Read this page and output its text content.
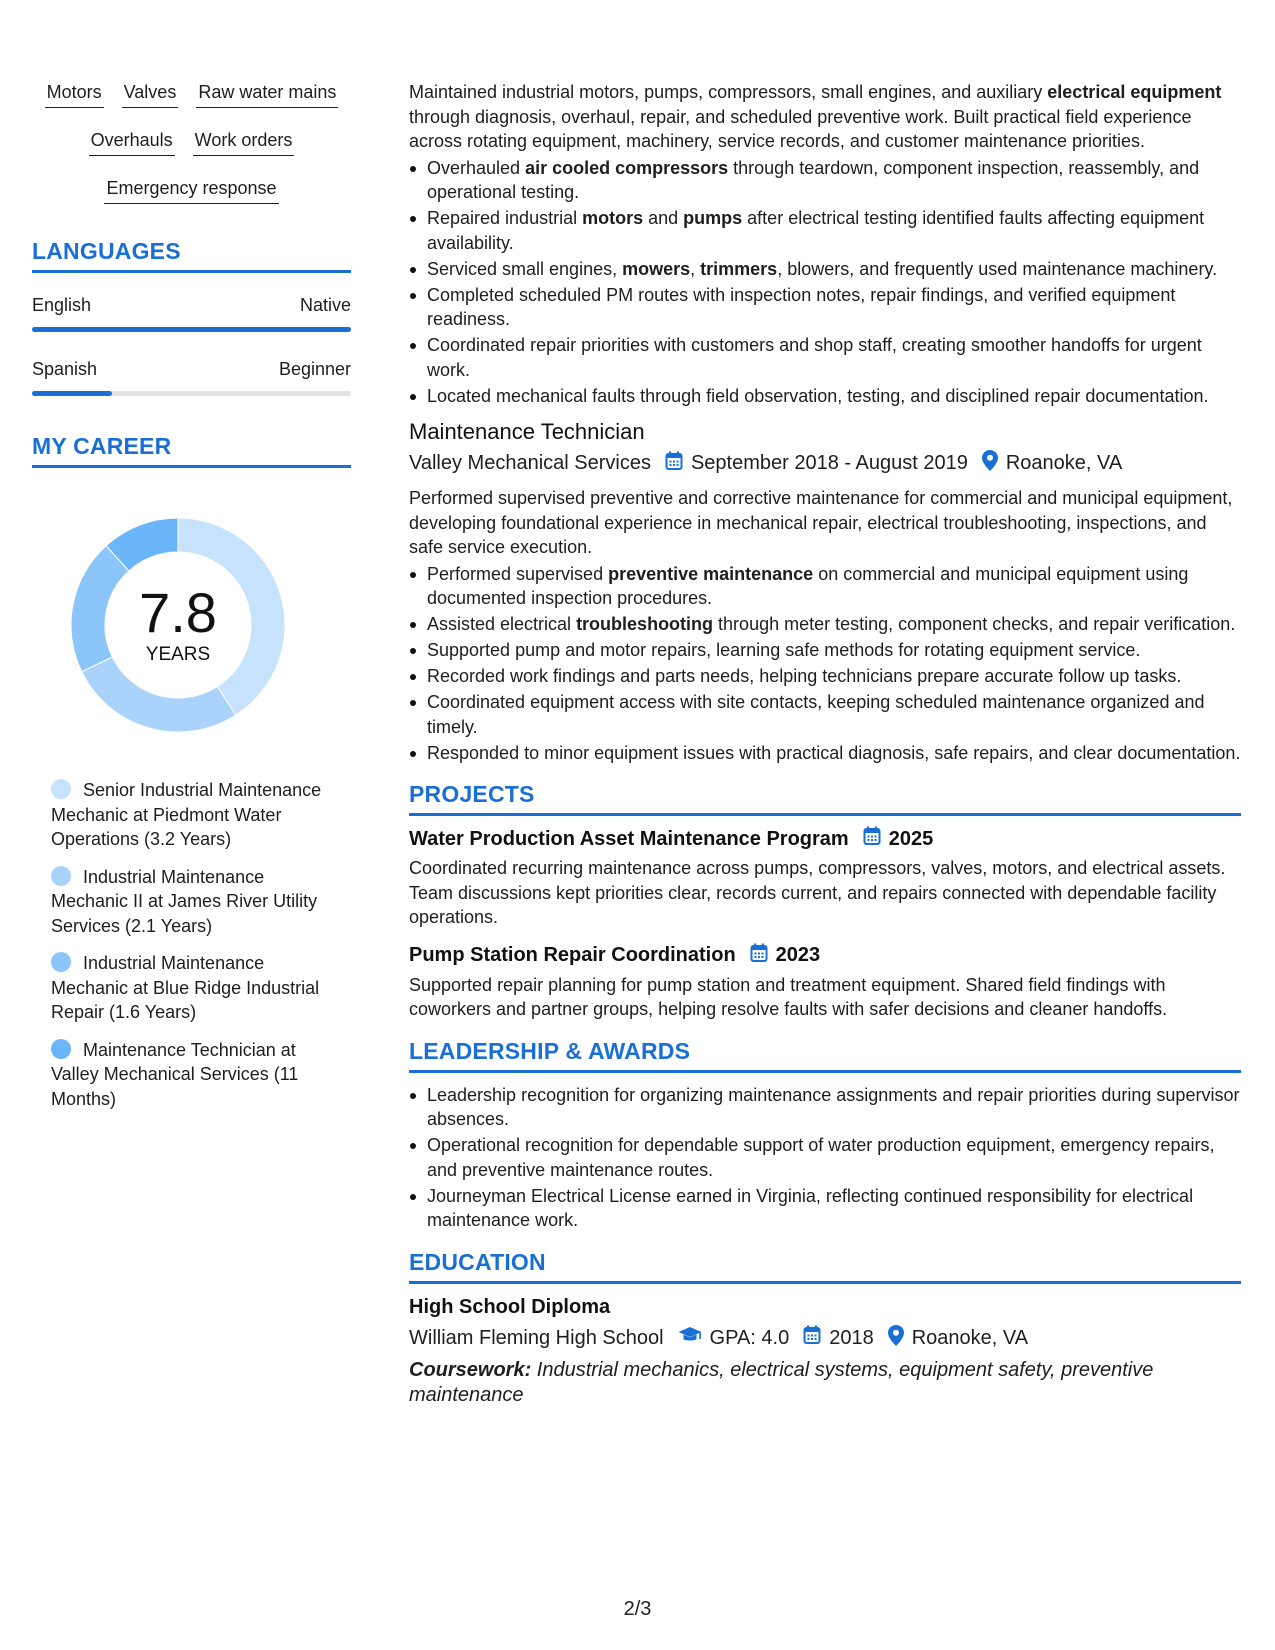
Motors Valves Raw water mains
Overhauls Work orders
Emergency response
LANGUAGES
English	Native
Spanish	Beginner
MY CAREER
7.8
YEARS
Senior Industrial Maintenance Mechanic at Piedmont Water Operations (3.2 Years)
Industrial Maintenance Mechanic II at James River Utility Services (2.1 Years)
Industrial Maintenance Mechanic at Blue Ridge Industrial Repair (1.6 Years)
Maintenance Technician at Valley Mechanical Services (11 Months)
Maintained industrial motors, pumps, compressors, small engines, and auxiliary electrical equipment through diagnosis, overhaul, repair, and scheduled preventive work. Built practical field experience across rotating equipment, machinery, service records, and customer maintenance priorities.
Overhauled air cooled compressors through teardown, component inspection, reassembly, and operational testing.
Repaired industrial motors and pumps after electrical testing identified faults affecting equipment availability.
Serviced small engines, mowers, trimmers, blowers, and frequently used maintenance machinery.
Completed scheduled PM routes with inspection notes, repair findings, and verified equipment readiness.
Coordinated repair priorities with customers and shop staff, creating smoother handoffs for urgent work.
Located mechanical faults through field observation, testing, and disciplined repair documentation.
Maintenance Technician
Valley Mechanical Services September 2018 - August 2019 Roanoke, VA
Performed supervised preventive and corrective maintenance for commercial and municipal equipment, developing foundational experience in mechanical repair, electrical troubleshooting, inspections, and safe service execution.
Performed supervised preventive maintenance on commercial and municipal equipment using documented inspection procedures.
Assisted electrical troubleshooting through meter testing, component checks, and repair verification.
Supported pump and motor repairs, learning safe methods for rotating equipment service.
Recorded work findings and parts needs, helping technicians prepare accurate follow up tasks.
Coordinated equipment access with site contacts, keeping scheduled maintenance organized and timely.
Responded to minor equipment issues with practical diagnosis, safe repairs, and clear documentation.
PROJECTS
Water Production Asset Maintenance Program 2025
Coordinated recurring maintenance across pumps, compressors, valves, motors, and electrical assets. Team discussions kept priorities clear, records current, and repairs connected with dependable facility operations.
Pump Station Repair Coordination 2023
Supported repair planning for pump station and treatment equipment. Shared field findings with coworkers and partner groups, helping resolve faults with safer decisions and cleaner handoffs.
LEADERSHIP & AWARDS
Leadership recognition for organizing maintenance assignments and repair priorities during supervisor absences.
Operational recognition for dependable support of water production equipment, emergency repairs, and preventive maintenance routes.
Journeyman Electrical License earned in Virginia, reflecting continued responsibility for electrical maintenance work.
EDUCATION
High School Diploma
William Fleming High School GPA: 4.0 2018 Roanoke, VA
Coursework: Industrial mechanics, electrical systems, equipment safety, preventive maintenance
2/3
